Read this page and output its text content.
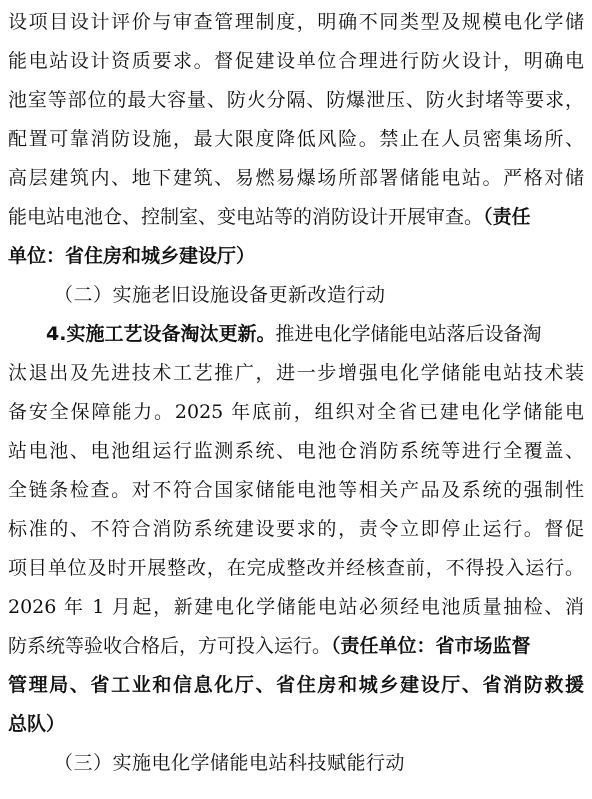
设项目设计评价与审查管理制度，明确不同类型及规模电化学储
能电站设计资质要求。督促建设单位合理进行防火设计，明确电
池室等部位的最大容量、防火分隔、防爆泄压、防火封堵等要求，
配置可靠消防设施，最大限度降低风险。禁止在人员密集场所、
高层建筑内、地下建筑、易燃易爆场所部署储能电站。严格对储
能电站电池仓、控制室、变电站等的消防设计开展审查。（责任
单位：省住房和城乡建设厅）
（二）实施老旧设施设备更新改造行动
4.实施工艺设备淘汰更新。推进电化学储能电站落后设备淘
汰退出及先进技术工艺推广，进一步增强电化学储能电站技术装
备安全保障能力。2025 年底前，组织对全省已建电化学储能电
站电池、电池组运行监测系统、电池仓消防系统等进行全覆盖、
全链条检查。对不符合国家储能电池等相关产品及系统的强制性
标准的、不符合消防系统建设要求的，责令立即停止运行。督促
项目单位及时开展整改，在完成整改并经核查前，不得投入运行。
2026 年 1 月起，新建电化学储能电站必须经电池质量抽检、消
防系统等验收合格后，方可投入运行。（责任单位：省市场监督
管理局、省工业和信息化厅、省住房和城乡建设厅、省消防救援
总队）
（三）实施电化学储能电站科技赋能行动
